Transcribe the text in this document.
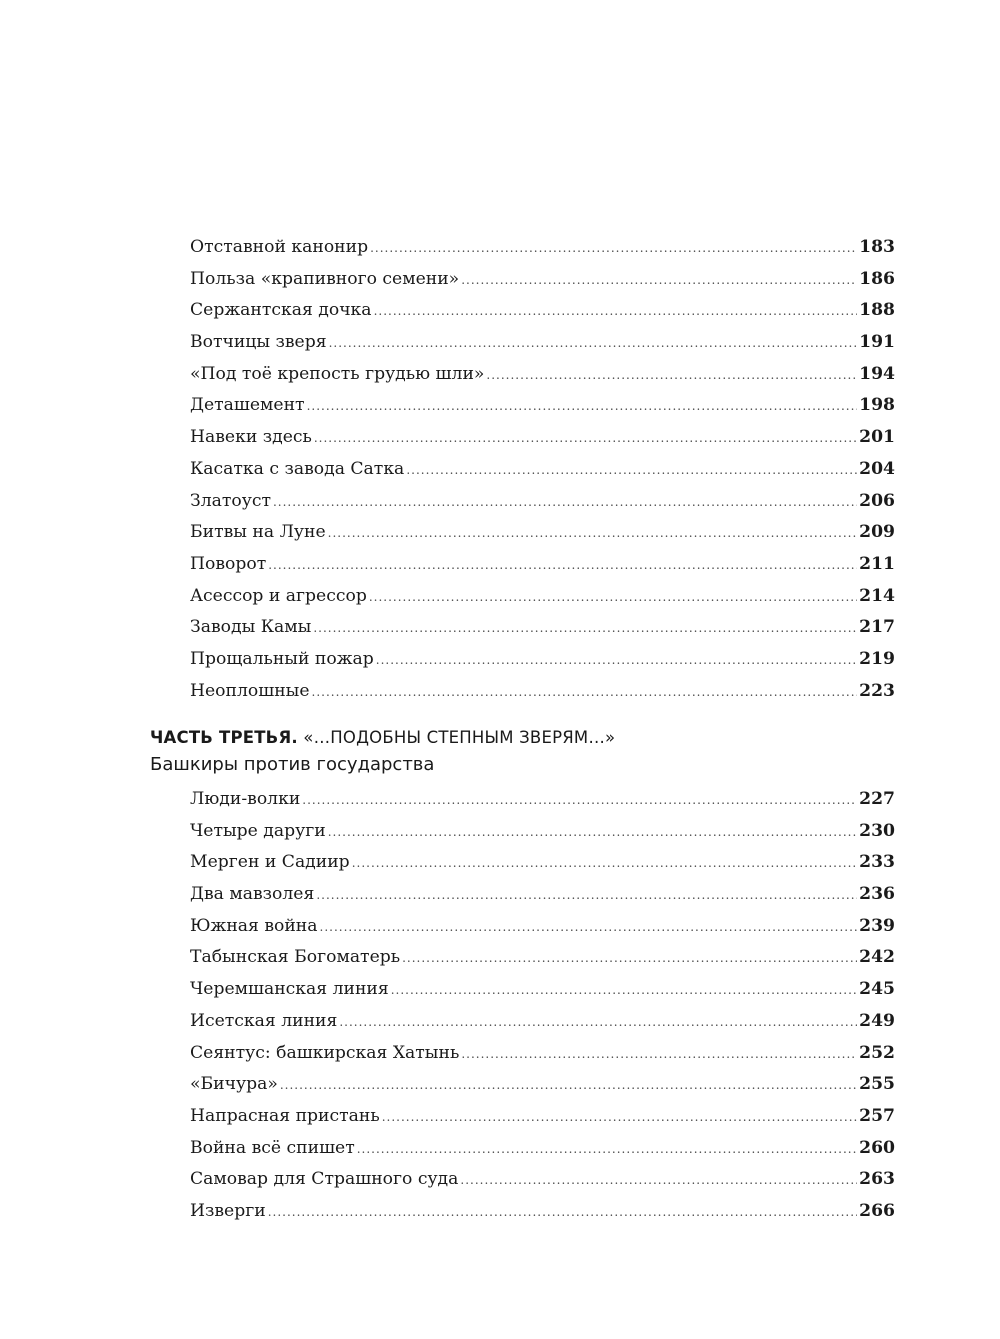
Отставной канонир .....	183
Польза «крапивного семени» .....	186
Сержантская дочка .....	188
Вотчицы зверя .....	191
«Под тоё крепость грудью шли» .....	194
Деташемент .....	198
Навеки здесь .....	201
Касатка с завода Сатка .....	204
Златоуст .....	206
Битвы на Луне .....	209
Поворот .....	211
Асессор и агрессор .....	214
Заводы Камы .....	217
Прощальный пожар .....	219
Неоплошные .....	223
ЧАСТЬ ТРЕТЬЯ. «…ПОДОБНЫ СТЕПНЫМ ЗВЕРЯМ…»
Башкиры против государства
Люди-волки .....	227
Четыре даруги .....	230
Мерген и Садиир .....	233
Два мавзолея .....	236
Южная война .....	239
Табынская Богоматерь .....	242
Черемшанская линия .....	245
Исетская линия .....	249
Сеянтус: башкирская Хатынь .....	252
«Бичура» .....	255
Напрасная пристань .....	257
Война всё спишет .....	260
Самовар для Страшного суда .....	263
Изверги .....	266
